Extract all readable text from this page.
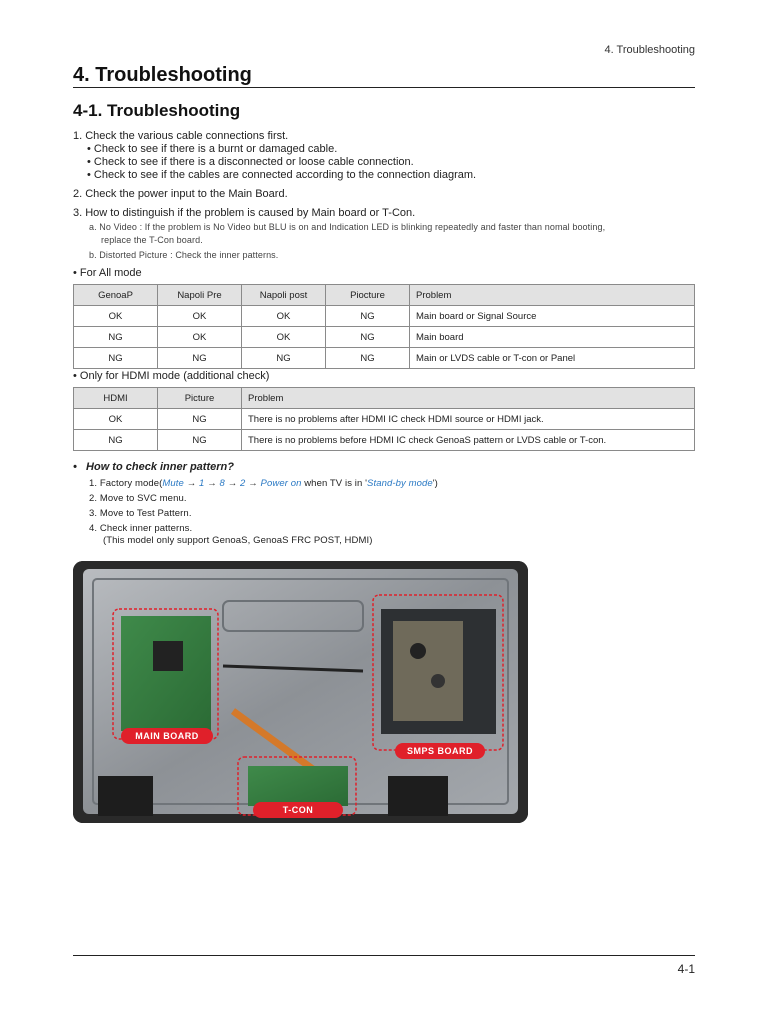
4. Troubleshooting
4. Troubleshooting
4-1. Troubleshooting
1. Check the various cable connections first.
• Check to see if there is a burnt or damaged cable.
• Check to see if there is a disconnected or loose cable connection.
• Check to see if the cables are connected according to the connection diagram.
2. Check the power input to the Main Board.
3. How to distinguish if the problem is caused by Main board or T-Con.
a. No Video : If the problem is No Video but BLU is on and Indication LED is blinking repeatedly and faster than nomal booting,
replace the T-Con board.
b. Distorted Picture : Check the inner patterns.
• For All mode
GenoaP	Napoli Pre	Napoli post	Piocture	Problem
OK	OK	OK	NG	Main board or Signal Source
NG	OK	OK	NG	Main board
NG	NG	NG	NG	Main or LVDS cable or T-con or Panel
• Only for HDMI mode (additional check)
HDMI	Picture	Problem
OK	NG	There is no problems after HDMI IC check HDMI source or HDMI jack.
NG	NG	There is no problems before HDMI IC check GenoaS pattern or LVDS cable or T-con.
• How to check inner pattern?
1. Factory mode(Mute → 1 → 8 → 2 → Power on when TV is in 'Stand-by mode')
2. Move to SVC menu.
3. Move to Test Pattern.
4. Check inner patterns.
(This model only support GenoaS, GenoaS FRC POST, HDMI)
MAIN BOARD
SMPS BOARD
T-CON
4-1
